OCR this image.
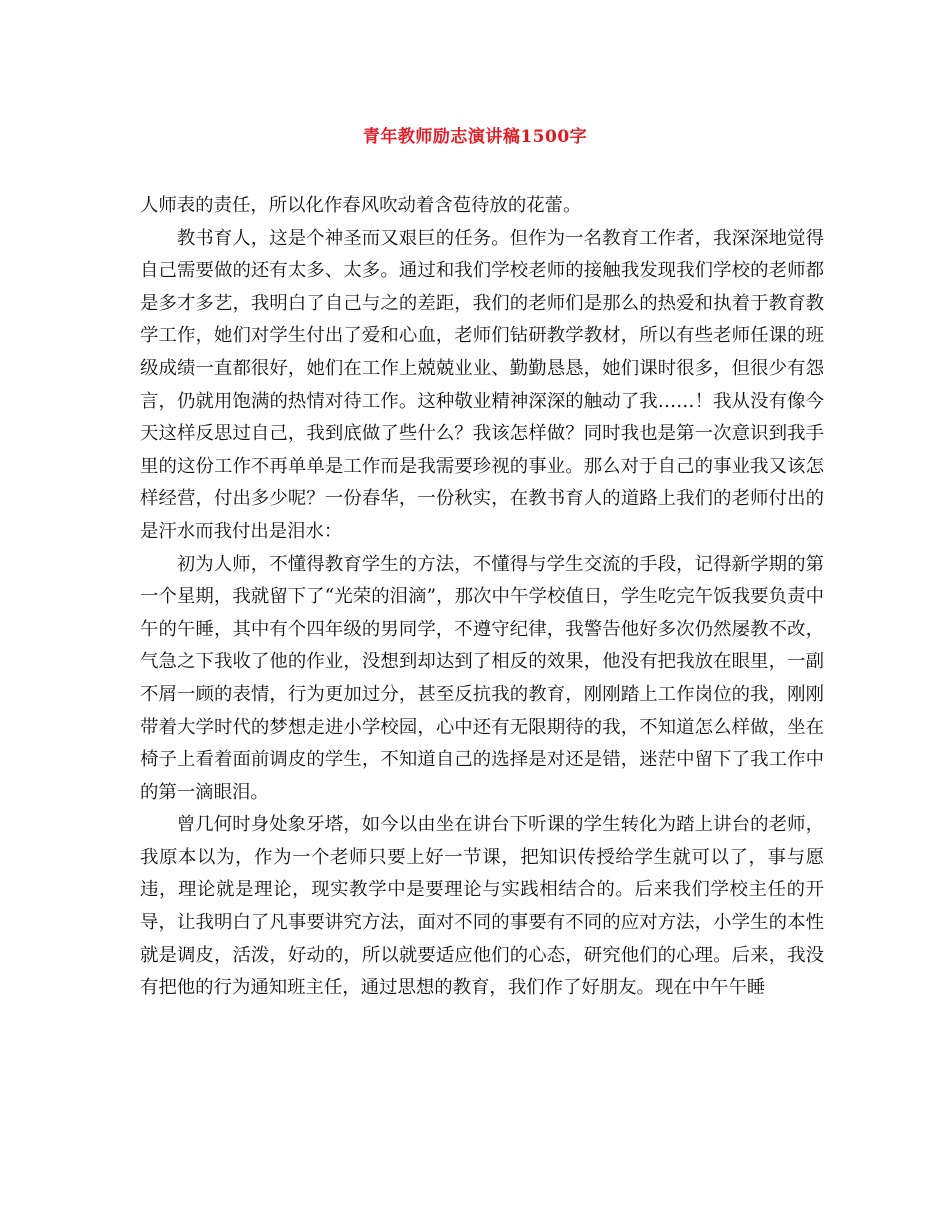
青年教师励志演讲稿1500字

人师表的责任，所以化作春风吹动着含苞待放的花蕾。

教书育人，这是个神圣而又艰巨的任务。但作为一名教育工作者，我深深地觉得自己需要做的还有太多、太多。通过和我们学校老师的接触我发现我们学校的老师都是多才多艺，我明白了自己与之的差距，我们的老师们是那么的热爱和执着于教育教学工作，她们对学生付出了爱和心血，老师们钻研教学教材，所以有些老师任课的班级成绩一直都很好，她们在工作上兢兢业业、勤勤恳恳，她们课时很多，但很少有怨言，仍就用饱满的热情对待工作。这种敬业精神深深的触动了我……！我从没有像今天这样反思过自己，我到底做了些什么？我该怎样做？同时我也是第一次意识到我手里的这份工作不再单单是工作而是我需要珍视的事业。那么对于自己的事业我又该怎样经营，付出多少呢？一份春华，一份秋实，在教书育人的道路上我们的老师付出的是汗水而我付出是泪水：

初为人师，不懂得教育学生的方法，不懂得与学生交流的手段，记得新学期的第一个星期，我就留下了“光荣的泪滴”，那次中午学校值日，学生吃完午饭我要负责中午的午睡，其中有个四年级的男同学，不遵守纪律，我警告他好多次仍然屡教不改，气急之下我收了他的作业，没想到却达到了相反的效果，他没有把我放在眼里，一副不屑一顾的表情，行为更加过分，甚至反抗我的教育，刚刚踏上工作岗位的我，刚刚带着大学时代的梦想走进小学校园，心中还有无限期待的我，不知道怎么样做，坐在椅子上看着面前调皮的学生，不知道自己的选择是对还是错，迷茫中留下了我工作中的第一滴眼泪。

曾几何时身处象牙塔，如今以由坐在讲台下听课的学生转化为踏上讲台的老师，我原本以为，作为一个老师只要上好一节课，把知识传授给学生就可以了，事与愿违，理论就是理论，现实教学中是要理论与实践相结合的。后来我们学校主任的开导，让我明白了凡事要讲究方法，面对不同的事要有不同的应对方法，小学生的本性就是调皮，活泼，好动的，所以就要适应他们的心态，研究他们的心理。后来，我没有把他的行为通知班主任，通过思想的教育，我们作了好朋友。现在中午午睡
